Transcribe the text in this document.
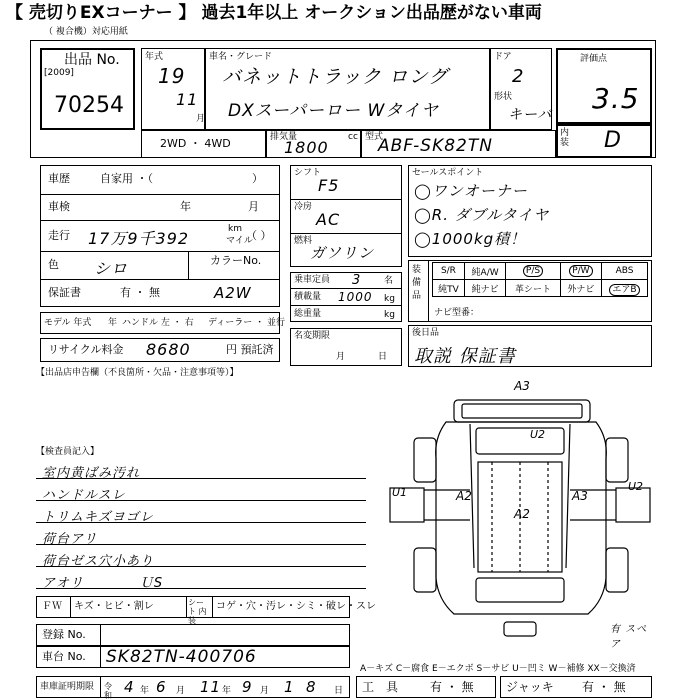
【 売切りEXコーナー 】 過去1年以上 オークション出品歴がない車両
（ 複合機）対応用紙
出品 No.
[2009]
70254
年式
19
11
月
車名・グレード
バネットトラック ロング
DXスーパーロー Wタイヤ
ドア
2
形状
キーバ
評価点
3.5
内装 D
2WD ・ 4WD	排気量
1800
cc 型式
ABF-SK82TN
車歴	自家用 ・（	）
車検	年	月
走行 17万9千392	km
マイル
（ ）
色 シロ	カラーNo.
保証書	有 ・ 無	A2W
モデル 年式 年 ハンドル 左 ・ 右 ディーラー ・ 並行
リサイクル料金 8680	円 預託済
【出品店申告欄（不良箇所・欠品・注意事項等）】
シフト
F5
冷房
AC
燃料
ガソリン
乗車定員 3	名
積載量 1000 kg
総重量	kg
名変期限
月	日
セールスポイント
◯ワンオーナー
◯R. ダブルタイヤ
◯1000kg積！
装備品
S/R	純A/W	P/S	P/W	ABS
純TV	純ナビ	革シート	外ナビ	エアB
ナビ型番：
後日品
取説 保証書
【検査員記入】
室内黄ばみ汚れ
ハンドルスレ
トリムキズヨゴレ
荷台アリ
荷台ゼス穴小あり
アオリ　　　　ＵS
A3
U2
U1	A2
A2
A3
U2
有 スペア
ＦＷ キズ・ヒビ・割レ	シート 内装
コゲ・穴・汚レ・シミ・破レ・スレ
登録 No.
車台 No. SK82TN-400706
A－キズ C－腐食 E－エクボ S－サビ U－凹ミ W－補修 XX－交換済
車庫証明期限 令和 4 年 6 月 11 年 9 月 1 8 日 工　具	有 ・ 無	ジャッキ 有 ・ 無
